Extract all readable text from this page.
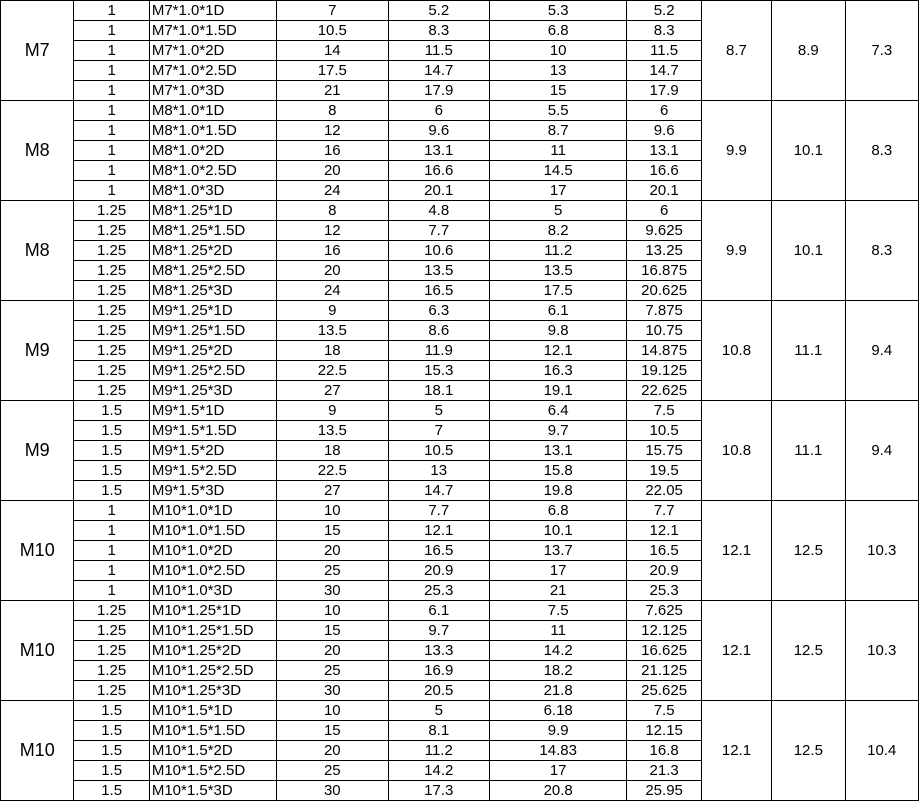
M7	1	M7*1.0*1D	7	5.2	5.3	5.2	8.7	8.9	7.3
	1	M7*1.0*1.5D	10.5	8.3	6.8	8.3			
	1	M7*1.0*2D	14	11.5	10	11.5			
	1	M7*1.0*2.5D	17.5	14.7	13	14.7			
	1	M7*1.0*3D	21	17.9	15	17.9			
M8	1	M8*1.0*1D	8	6	5.5	6	9.9	10.1	8.3
	1	M8*1.0*1.5D	12	9.6	8.7	9.6			
	1	M8*1.0*2D	16	13.1	11	13.1			
	1	M8*1.0*2.5D	20	16.6	14.5	16.6			
	1	M8*1.0*3D	24	20.1	17	20.1			
M8	1.25	M8*1.25*1D	8	4.8	5	6	9.9	10.1	8.3
	1.25	M8*1.25*1.5D	12	7.7	8.2	9.625			
	1.25	M8*1.25*2D	16	10.6	11.2	13.25			
	1.25	M8*1.25*2.5D	20	13.5	13.5	16.875			
	1.25	M8*1.25*3D	24	16.5	17.5	20.625			
M9	1.25	M9*1.25*1D	9	6.3	6.1	7.875	10.8	11.1	9.4
	1.25	M9*1.25*1.5D	13.5	8.6	9.8	10.75			
	1.25	M9*1.25*2D	18	11.9	12.1	14.875			
	1.25	M9*1.25*2.5D	22.5	15.3	16.3	19.125			
	1.25	M9*1.25*3D	27	18.1	19.1	22.625			
M9	1.5	M9*1.5*1D	9	5	6.4	7.5	10.8	11.1	9.4
	1.5	M9*1.5*1.5D	13.5	7	9.7	10.5			
	1.5	M9*1.5*2D	18	10.5	13.1	15.75			
	1.5	M9*1.5*2.5D	22.5	13	15.8	19.5			
	1.5	M9*1.5*3D	27	14.7	19.8	22.05			
M10	1	M10*1.0*1D	10	7.7	6.8	7.7	12.1	12.5	10.3
	1	M10*1.0*1.5D	15	12.1	10.1	12.1			
	1	M10*1.0*2D	20	16.5	13.7	16.5			
	1	M10*1.0*2.5D	25	20.9	17	20.9			
	1	M10*1.0*3D	30	25.3	21	25.3			
M10	1.25	M10*1.25*1D	10	6.1	7.5	7.625	12.1	12.5	10.3
	1.25	M10*1.25*1.5D	15	9.7	11	12.125			
	1.25	M10*1.25*2D	20	13.3	14.2	16.625			
	1.25	M10*1.25*2.5D	25	16.9	18.2	21.125			
	1.25	M10*1.25*3D	30	20.5	21.8	25.625			
M10	1.5	M10*1.5*1D	10	5	6.18	7.5	12.1	12.5	10.4
	1.5	M10*1.5*1.5D	15	8.1	9.9	12.15			
	1.5	M10*1.5*2D	20	11.2	14.83	16.8			
	1.5	M10*1.5*2.5D	25	14.2	17	21.3			
	1.5	M10*1.5*3D	30	17.3	20.8	25.95			
